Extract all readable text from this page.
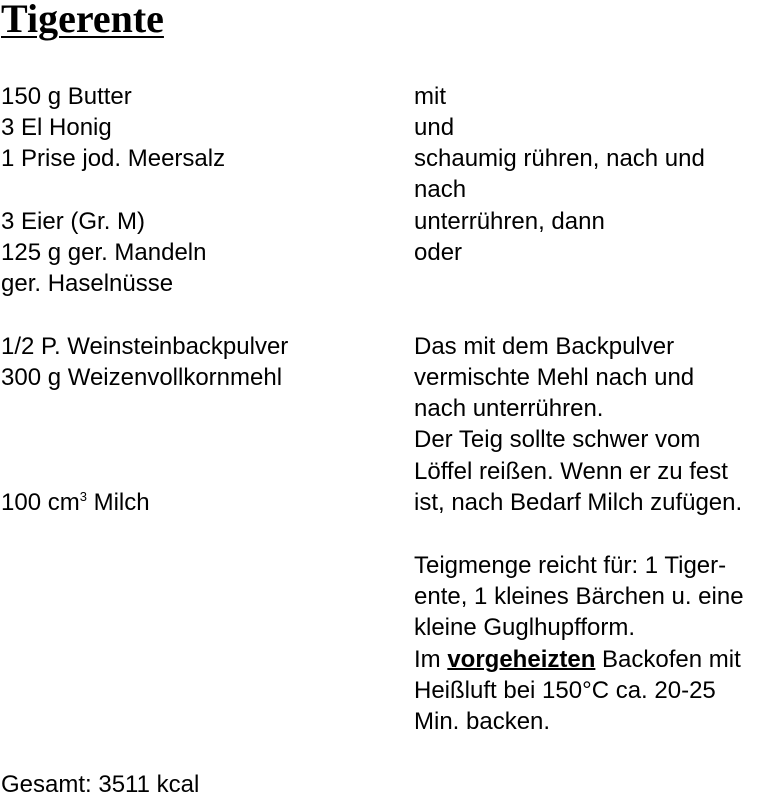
Tigerente
150 g Butter
3 El Honig
1 Prise jod. Meersalz
3 Eier (Gr. M)
125 g ger. Mandeln
ger. Haselnüsse
1/2 P. Weinsteinbackpulver
300 g Weizenvollkornmehl
100 $cm^3$ Milch
mit
und
schaumig rühren, nach und
nach
unterrühren, dann
oder
Das mit dem Backpulver
vermischte Mehl nach und
nach unterrühren.
Der Teig sollte schwer vom
Löffel reißen. Wenn er zu fest
ist, nach Bedarf Milch zufügen.
Teigmenge reicht für: 1 Tiger-
ente, 1 kleines Bärchen u. eine
kleine Guglhupfform.
Im vorgeheizten Backofen mit
Heißluft bei 150°C ca. 20-25
Min. backen.
Gesamt: 3511 kcal
